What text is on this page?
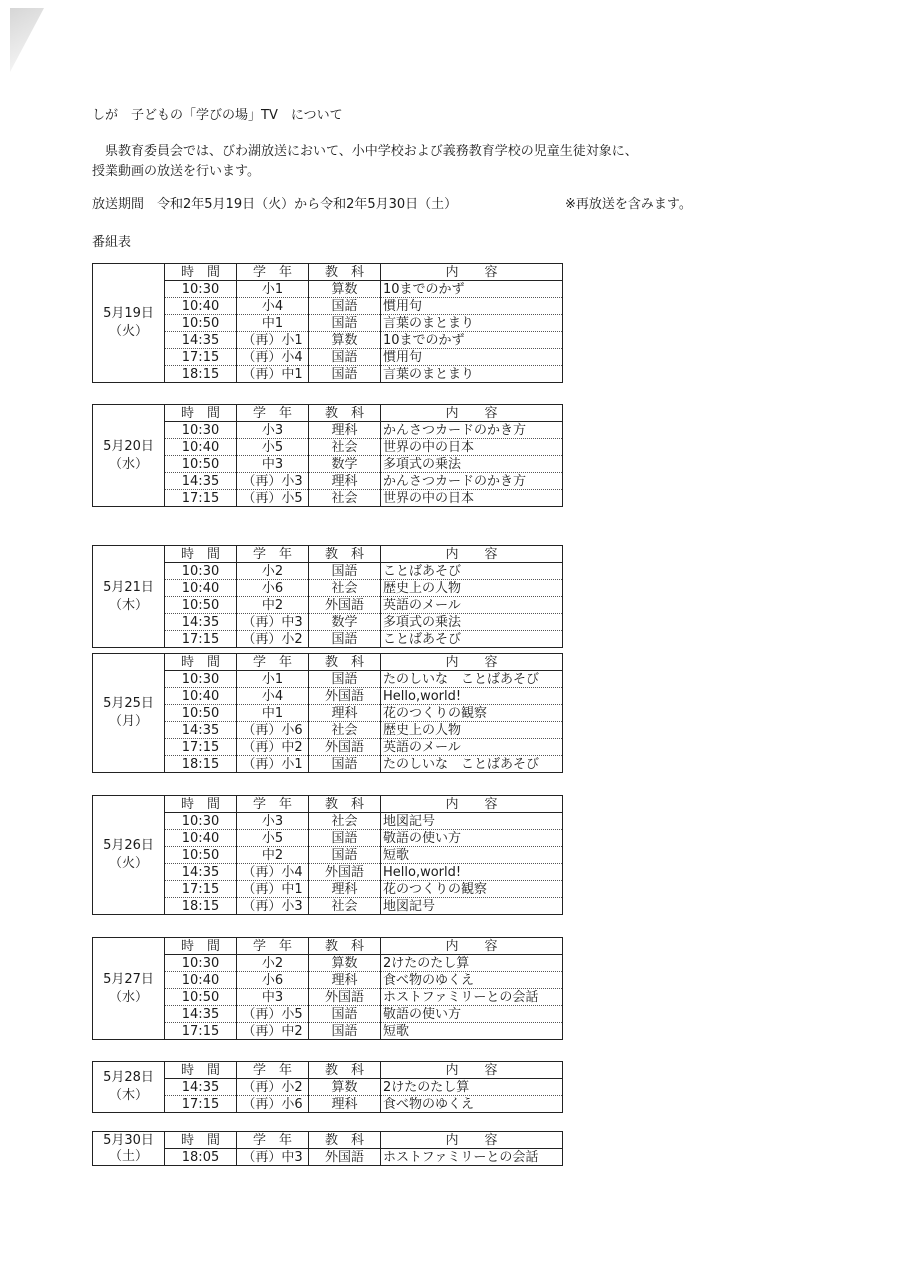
しが　子どもの「学びの場」TV　について
県教育委員会では、びわ湖放送において、小中学校および義務教育学校の児童生徒対象に、
授業動画の放送を行います。
放送期間　令和2年5月19日（火）から令和2年5月30日（土）	※再放送を含みます。
番組表
5月19日
（火）	時　間	学　年	教　科	内　　容
	10:30	小1	算数	10までのかず
	10:40	小4	国語	慣用句
	10:50	中1	国語	言葉のまとまり
	14:35	（再）小1	算数	10までのかず
	17:15	（再）小4	国語	慣用句
	18:15	（再）中1	国語	言葉のまとまり
5月20日
（水）	時　間	学　年	教　科	内　　容
	10:30	小3	理科	かんさつカードのかき方
	10:40	小5	社会	世界の中の日本
	10:50	中3	数学	多項式の乗法
	14:35	（再）小3	理科	かんさつカードのかき方
	17:15	（再）小5	社会	世界の中の日本
5月21日
（木）	時　間	学　年	教　科	内　　容
	10:30	小2	国語	ことばあそび
	10:40	小6	社会	歴史上の人物
	10:50	中2	外国語	英語のメール
	14:35	（再）中3	数学	多項式の乗法
	17:15	（再）小2	国語	ことばあそび
5月25日
（月）	時　間	学　年	教　科	内　　容
	10:30	小1	国語	たのしいな　ことばあそび
	10:40	小4	外国語	Hello,world!
	10:50	中1	理科	花のつくりの観察
	14:35	（再）小6	社会	歴史上の人物
	17:15	（再）中2	外国語	英語のメール
	18:15	（再）小1	国語	たのしいな　ことばあそび
5月26日
（火）	時　間	学　年	教　科	内　　容
	10:30	小3	社会	地図記号
	10:40	小5	国語	敬語の使い方
	10:50	中2	国語	短歌
	14:35	（再）小4	外国語	Hello,world!
	17:15	（再）中1	理科	花のつくりの観察
	18:15	（再）小3	社会	地図記号
5月27日
（水）	時　間	学　年	教　科	内　　容
	10:30	小2	算数	2けたのたし算
	10:40	小6	理科	食べ物のゆくえ
	10:50	中3	外国語	ホストファミリーとの会話
	14:35	（再）小5	国語	敬語の使い方
	17:15	（再）中2	国語	短歌
5月28日
（木）	時　間	学　年	教　科	内　　容
	14:35	（再）小2	算数	2けたのたし算
	17:15	（再）小6	理科	食べ物のゆくえ
5月30日
（土）	時　間	学　年	教　科	内　　容
	18:05	（再）中3	外国語	ホストファミリーとの会話
